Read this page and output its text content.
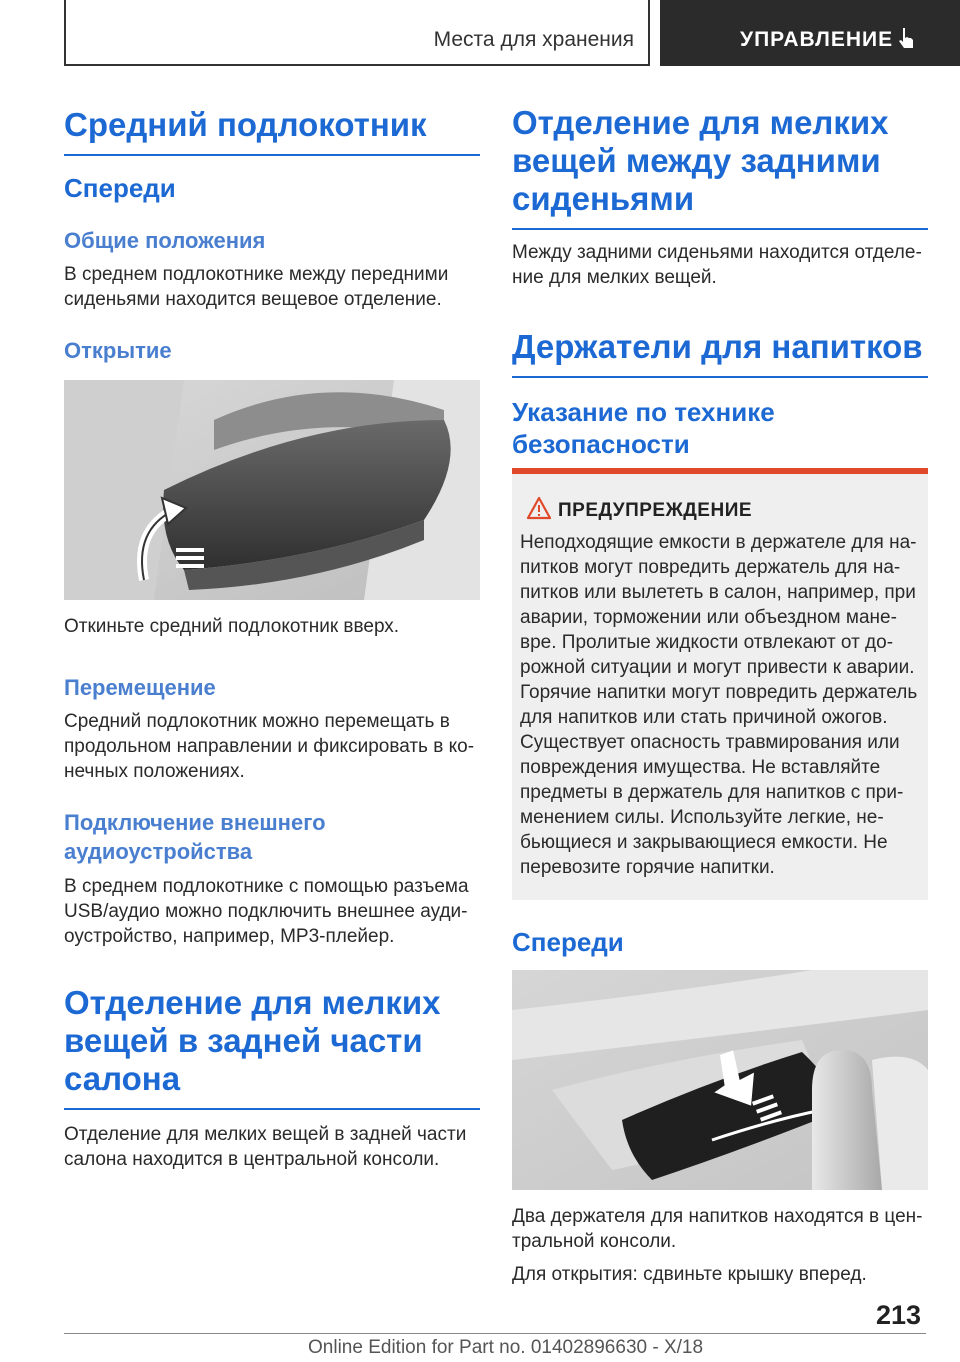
Места для хранения	УПРАВЛЕНИЕ
Средний подлокотник
Спереди
Общие положения
В среднем подлокотнике между передними
сиденьями находится вещевое отделение.
Открытие
Откиньте средний подлокотник вверх.
Перемещение
Средний подлокотник можно перемещать в
продольном направлении и фиксировать в ко‑
нечных положениях.
Подключение внешнего
аудиоустройства
В среднем подлокотнике с помощью разъема
USB/аудио можно подключить внешнее ауди‑
оустройство, например, MP3‑плейер.
Отделение для мелких
вещей в задней части
салона
Отделение для мелких вещей в задней части
салона находится в центральной консоли.
Отделение для мелких
вещей между задними
сиденьями
Между задними сиденьями находится отделе‑
ние для мелких вещей.
Держатели для напитков
Указание по технике
безопасности
ПРЕДУПРЕЖДЕНИЕ
Неподходящие емкости в держателе для на‑
питков могут повредить держатель для на‑
питков или вылететь в салон, например, при
аварии, торможении или объездном мане‑
вре. Пролитые жидкости отвлекают от до‑
рожной ситуации и могут привести к аварии.
Горячие напитки могут повредить держатель
для напитков или стать причиной ожогов.
Существует опасность травмирования или
повреждения имущества. Не вставляйте
предметы в держатель для напитков с при‑
менением силы. Используйте легкие, не‑
бьющиеся и закрывающиеся емкости. Не
перевозите горячие напитки.
Спереди
Два держателя для напитков находятся в цен‑
тральной консоли.
Для открытия: сдвиньте крышку вперед.
213
Online Edition for Part no. 01402896630 - X/18
